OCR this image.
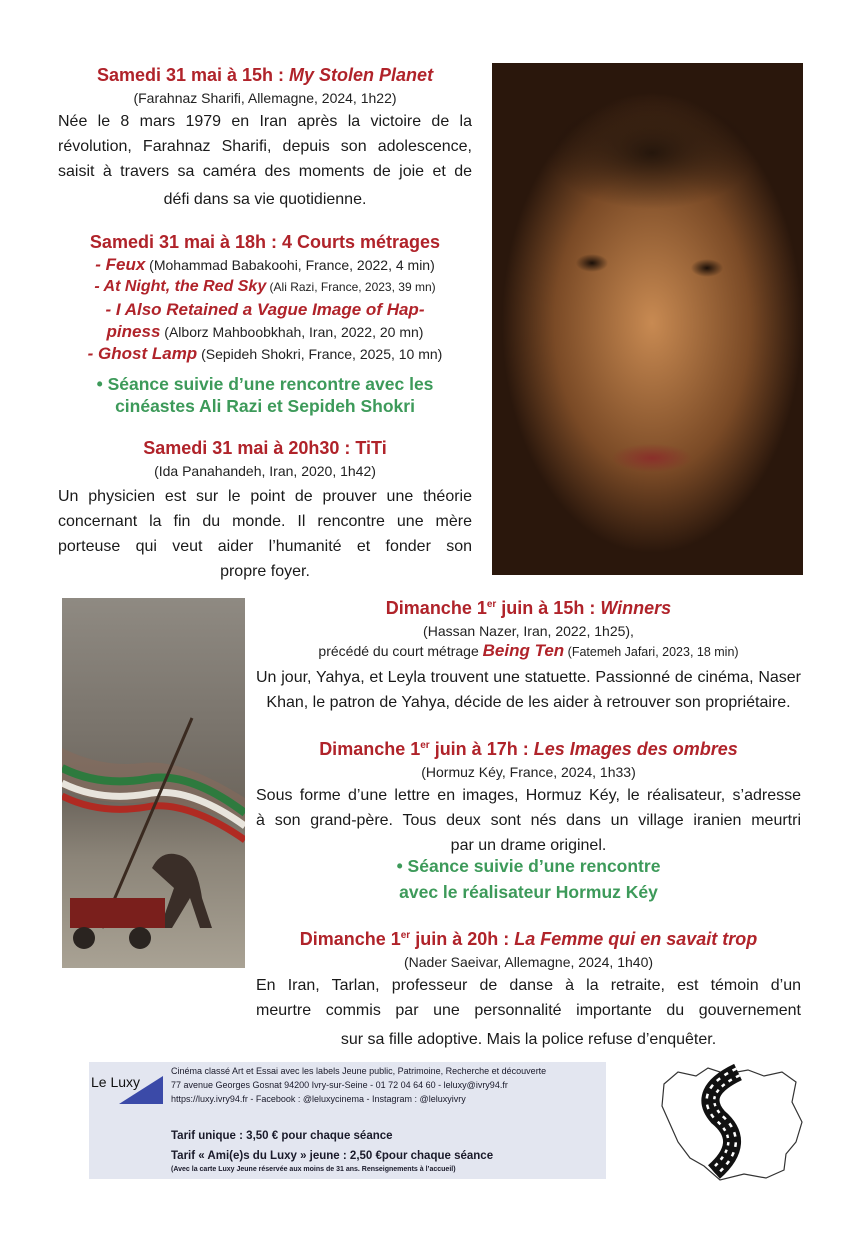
Samedi 31 mai à 15h : My Stolen Planet
(Farahnaz Sharifi, Allemagne, 2024, 1h22)
Née le 8 mars 1979 en Iran après la victoire de la
révolution, Farahnaz Sharifi, depuis son adolescence,
saisit à travers sa caméra des moments de joie et de
défi dans sa vie quotidienne.
Samedi 31 mai à 18h : 4 Courts métrages
- Feux (Mohammad Babakoohi, France, 2022, 4 min)
- At Night, the Red Sky (Ali Razi, France, 2023, 39 mn)
- I Also Retained a Vague Image of Hap-
piness (Alborz Mahboobkhah, Iran, 2022, 20 mn)
- Ghost Lamp (Sepideh Shokri, France, 2025, 10 mn)
• Séance suivie d’une rencontre avec les
cinéastes Ali Razi et Sepideh Shokri
Samedi 31 mai à 20h30 : TiTi
(Ida Panahandeh, Iran, 2020, 1h42)
Un physicien est sur le point de prouver une théorie
concernant la fin du monde. Il rencontre une mère
porteuse qui veut aider l’humanité et fonder son
propre foyer.
Dimanche 1er juin à 15h : Winners
(Hassan Nazer, Iran, 2022, 1h25),
précédé du court métrage Being Ten (Fatemeh Jafari, 2023, 18 min)
Un jour, Yahya, et Leyla trouvent une statuette. Passionné de cinéma, Naser
Khan, le patron de Yahya, décide de les aider à retrouver son propriétaire.
Dimanche 1er juin à 17h : Les Images des ombres
(Hormuz Kéy, France, 2024, 1h33)
Sous forme d’une lettre en images, Hormuz Kéy, le réalisateur, s’adresse
à son grand-père. Tous deux sont nés dans un village iranien meurtri
par un drame originel.
• Séance suivie d’une rencontre
avec le réalisateur Hormuz Kéy
Dimanche 1er juin à 20h : La Femme qui en savait trop
(Nader Saeivar, Allemagne, 2024, 1h40)
En Iran, Tarlan, professeur de danse à la retraite, est témoin d’un
meurtre commis par une personnalité importante du gouvernement
sur sa fille adoptive. Mais la police refuse d’enquêter.
Le Luxy
Cinéma classé Art et Essai avec les labels Jeune public, Patrimoine, Recherche et découverte
77 avenue Georges Gosnat 94200 Ivry-sur-Seine - 01 72 04 64 60 - leluxy@ivry94.fr
https://luxy.ivry94.fr - Facebook : @leluxycinema - Instagram : @leluxyivry
Tarif unique : 3,50 € pour chaque séance
Tarif « Ami(e)s du Luxy » jeune : 2,50 €pour chaque séance
(Avec la carte Luxy Jeune réservée aux moins de 31 ans. Renseignements à l’accueil)
